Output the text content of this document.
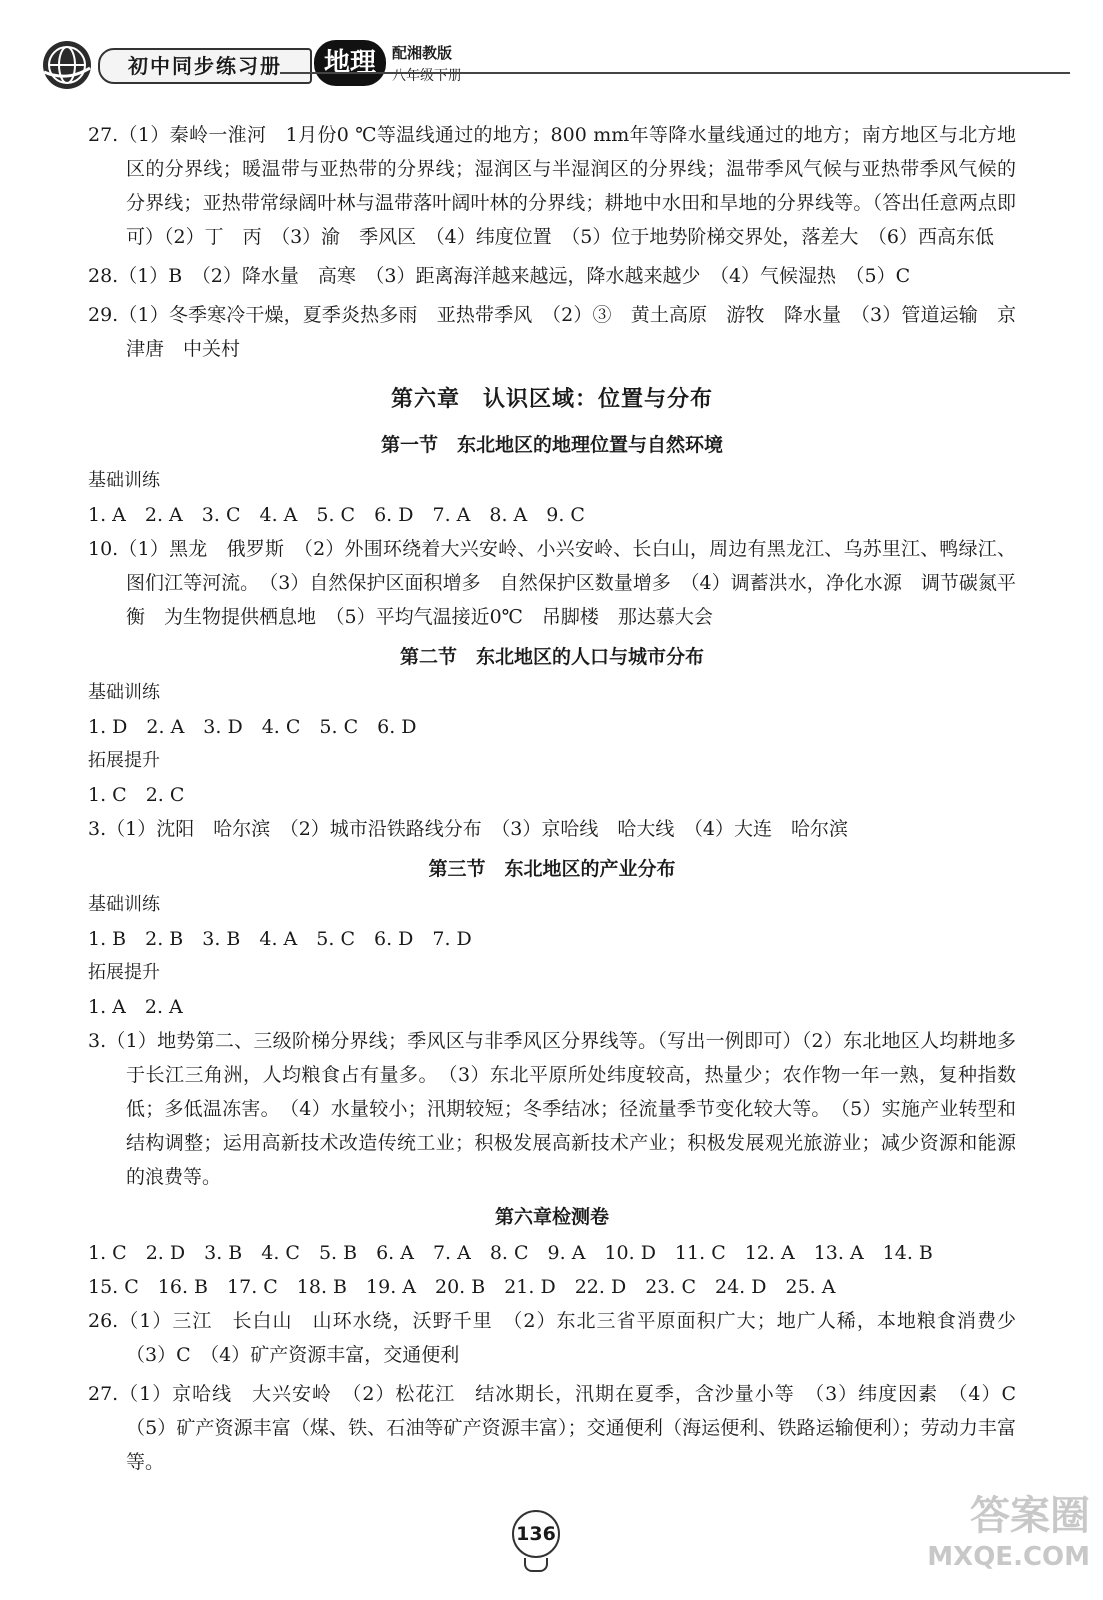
初中同步练习册	地理	配湘教版
八年级下册
27.（1）秦岭一淮河　1月份0 ℃等温线通过的地方；800 mm年等降水量线通过的地方；南方地区与北方地区的分界线；暖温带与亚热带的分界线；湿润区与半湿润区的分界线；温带季风气候与亚热带季风气候的分界线；亚热带常绿阔叶林与温带落叶阔叶林的分界线；耕地中水田和旱地的分界线等。（答出任意两点即可）（2）丁　丙　（3）渝　季风区　（4）纬度位置　（5）位于地势阶梯交界处，落差大　（6）西高东低
28.（1）B　（2）降水量　高寒　（3）距离海洋越来越远，降水越来越少　（4）气候湿热　（5）C
29.（1）冬季寒冷干燥，夏季炎热多雨　亚热带季风　（2）③　黄土高原　游牧　降水量　（3）管道运输　京津唐　中关村
第六章　认识区域：位置与分布
第一节　东北地区的地理位置与自然环境
基础训练
1. A　2. A　3. C　4. A　5. C　6. D　7. A　8. A　9. C
10.（1）黑龙　俄罗斯　（2）外围环绕着大兴安岭、小兴安岭、长白山，周边有黑龙江、乌苏里江、鸭绿江、图们江等河流。　（3）自然保护区面积增多　自然保护区数量增多　（4）调蓄洪水，净化水源　调节碳氮平衡　为生物提供栖息地　（5）平均气温接近0℃　吊脚楼　那达慕大会
第二节　东北地区的人口与城市分布
基础训练
1. D　2. A　3. D　4. C　5. C　6. D
拓展提升
1. C　2. C
3.（1）沈阳　哈尔滨　（2）城市沿铁路线分布　（3）京哈线　哈大线　（4）大连　哈尔滨
第三节　东北地区的产业分布
基础训练
1. B　2. B　3. B　4. A　5. C　6. D　7. D
拓展提升
1. A　2. A
3.（1）地势第二、三级阶梯分界线；季风区与非季风区分界线等。（写出一例即可）（2）东北地区人均耕地多于长江三角洲，人均粮食占有量多。　（3）东北平原所处纬度较高，热量少；农作物一年一熟，复种指数低；多低温冻害。　（4）水量较小；汛期较短；冬季结冰；径流量季节变化较大等。　（5）实施产业转型和结构调整；运用高新技术改造传统工业；积极发展高新技术产业；积极发展观光旅游业；减少资源和能源的浪费等。
第六章检测卷
1. C　2. D　3. B　4. C　5. B　6. A　7. A　8. C　9. A　10. D　11. C　12. A　13. A　14. B
15. C　16. B　17. C　18. B　19. A　20. B　21. D　22. D　23. C　24. D　25. A
26.（1）三江　长白山　山环水绕，沃野千里　（2）东北三省平原面积广大；地广人稀，本地粮食消费少　（3）C　（4）矿产资源丰富，交通便利
27.（1）京哈线　大兴安岭　（2）松花江　结冰期长，汛期在夏季，含沙量小等　（3）纬度因素　（4）C　（5）矿产资源丰富（煤、铁、石油等矿产资源丰富）；交通便利（海运便利、铁路运输便利）；劳动力丰富等。
136	答案圈
MXQE.COM
